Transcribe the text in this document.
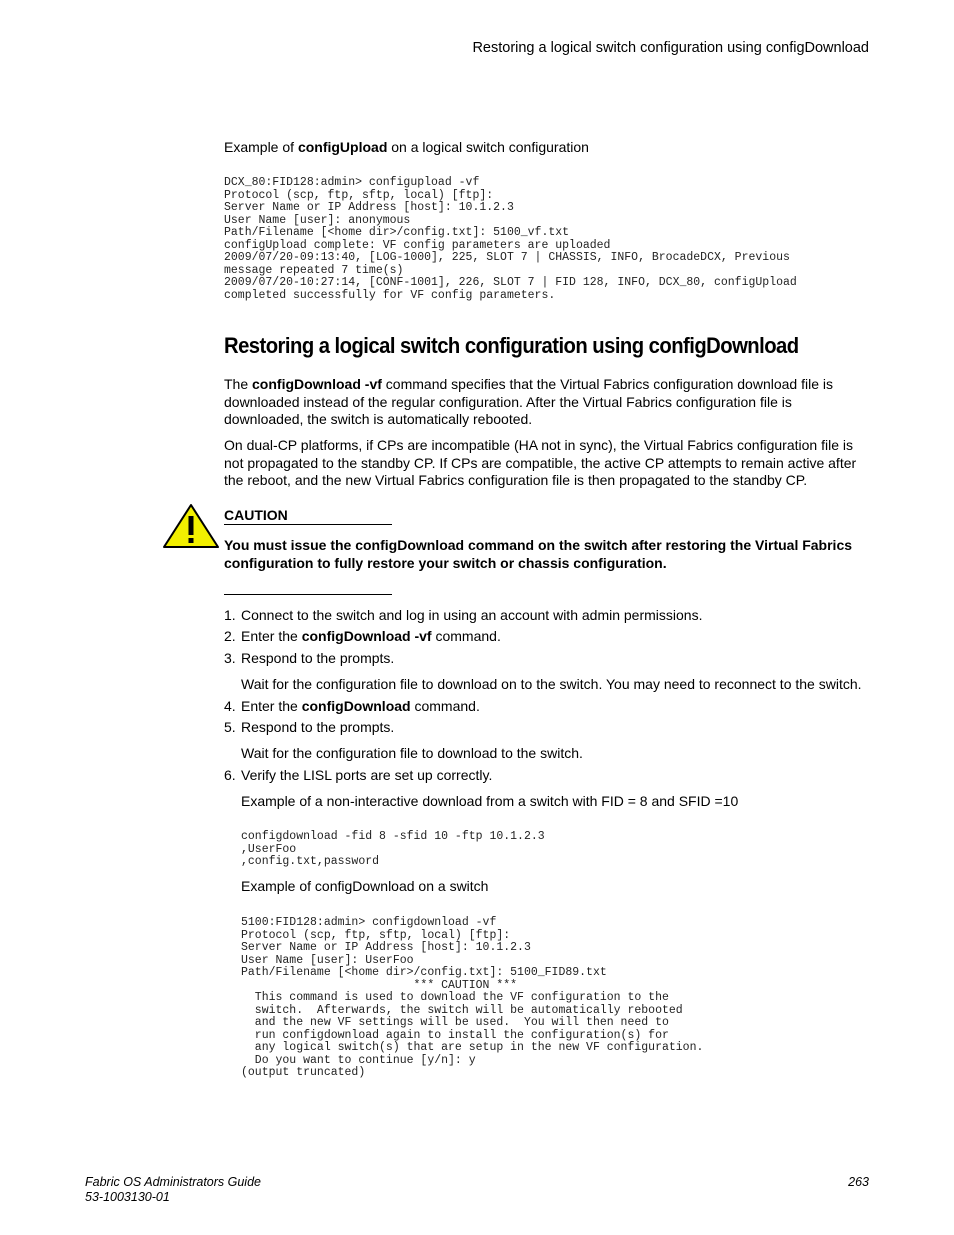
Restoring a logical switch configuration using configDownload
Example of configUpload on a logical switch configuration
DCX_80:FID128:admin> configupload -vf
Protocol (scp, ftp, sftp, local) [ftp]:
Server Name or IP Address [host]: 10.1.2.3
User Name [user]: anonymous
Path/Filename [<home dir>/config.txt]: 5100_vf.txt
configUpload complete: VF config parameters are uploaded
2009/07/20-09:13:40, [LOG-1000], 225, SLOT 7 | CHASSIS, INFO, BrocadeDCX, Previous
message repeated 7 time(s)
2009/07/20-10:27:14, [CONF-1001], 226, SLOT 7 | FID 128, INFO, DCX_80, configUpload
completed successfully for VF config parameters.
Restoring a logical switch configuration using configDownload

The configDownload -vf command specifies that the Virtual Fabrics configuration download file is downloaded instead of the regular configuration. After the Virtual Fabrics configuration file is downloaded, the switch is automatically rebooted.

On dual-CP platforms, if CPs are incompatible (HA not in sync), the Virtual Fabrics configuration file is not propagated to the standby CP. If CPs are compatible, the active CP attempts to remain active after the reboot, and the new Virtual Fabrics configuration file is then propagated to the standby CP.

CAUTION
You must issue the configDownload command on the switch after restoring the Virtual Fabrics configuration to fully restore your switch or chassis configuration.
1. Connect to the switch and log in using an account with admin permissions.
2. Enter the configDownload -vf command.
3. Respond to the prompts.
Wait for the configuration file to download on to the switch. You may need to reconnect to the switch.
4. Enter the configDownload command.
5. Respond to the prompts.
Wait for the configuration file to download to the switch.
6. Verify the LISL ports are set up correctly.
Example of a non-interactive download from a switch with FID = 8 and SFID =10
configdownload -fid 8 -sfid 10 -ftp 10.1.2.3
,UserFoo
,config.txt,password
Example of configDownload on a switch
5100:FID128:admin> configdownload -vf
Protocol (scp, ftp, sftp, local) [ftp]:
Server Name or IP Address [host]: 10.1.2.3
User Name [user]: UserFoo
Path/Filename [<home dir>/config.txt]: 5100_FID89.txt
*** CAUTION ***
This command is used to download the VF configuration to the
switch.  Afterwards, the switch will be automatically rebooted
and the new VF settings will be used.  You will then need to
run configdownload again to install the configuration(s) for
any logical switch(s) that are setup in the new VF configuration.
Do you want to continue [y/n]: y
(output truncated)
Fabric OS Administrators Guide
53-1003130-01
263
